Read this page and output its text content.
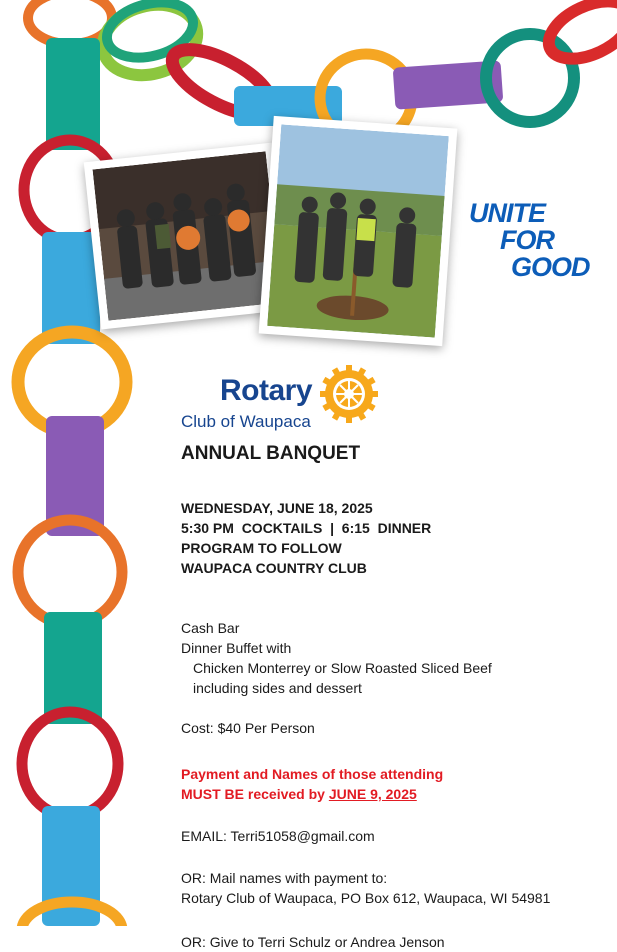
UNITE
FOR
GOOD
Rotary
Club of Waupaca
ANNUAL BANQUET
WEDNESDAY, JUNE 18, 2025
5:30 PM  COCKTAILS  |  6:15  DINNER
PROGRAM TO FOLLOW
WAUPACA COUNTRY CLUB
Cash Bar
Dinner Buffet with
Chicken Monterrey or Slow Roasted Sliced Beef
including sides and dessert
Cost: $40 Per Person
Payment and Names of those attending
MUST BE received by JUNE 9, 2025
EMAIL: Terri51058@gmail.com
OR: Mail names with payment to:
Rotary Club of Waupaca, PO Box 612, Waupaca, WI 54981
OR: Give to Terri Schulz or Andrea Jenson
